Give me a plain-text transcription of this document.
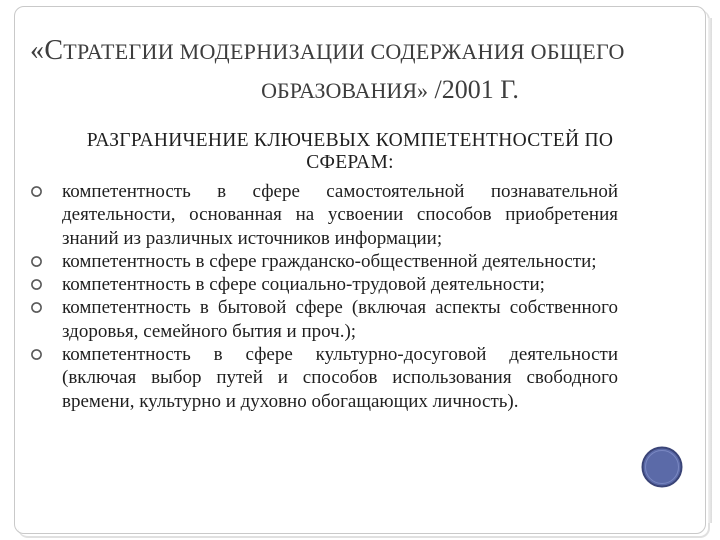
«СТРАТЕГИИ МОДЕРНИЗАЦИИ СОДЕРЖАНИЯ ОБЩЕГО
ОБРАЗОВАНИЯ» /2001 Г.
РАЗГРАНИЧЕНИЕ КЛЮЧЕВЫХ КОМПЕТЕНТНОСТЕЙ ПО СФЕРАМ:
компетентность в сфере самостоятельной познавательной деятельности, основанная на усвоении способов приобретения знаний из различных источников информации;
компетентность в сфере гражданско-общественной деятельности;
компетентность в сфере социально-трудовой деятельности;
компетентность в бытовой сфере (включая аспекты собственного здоровья, семейного бытия и проч.);
компетентность в сфере культурно-досуговой деятельности (включая выбор путей и способов использования свободного времени, культурно и духовно обогащающих личность).
